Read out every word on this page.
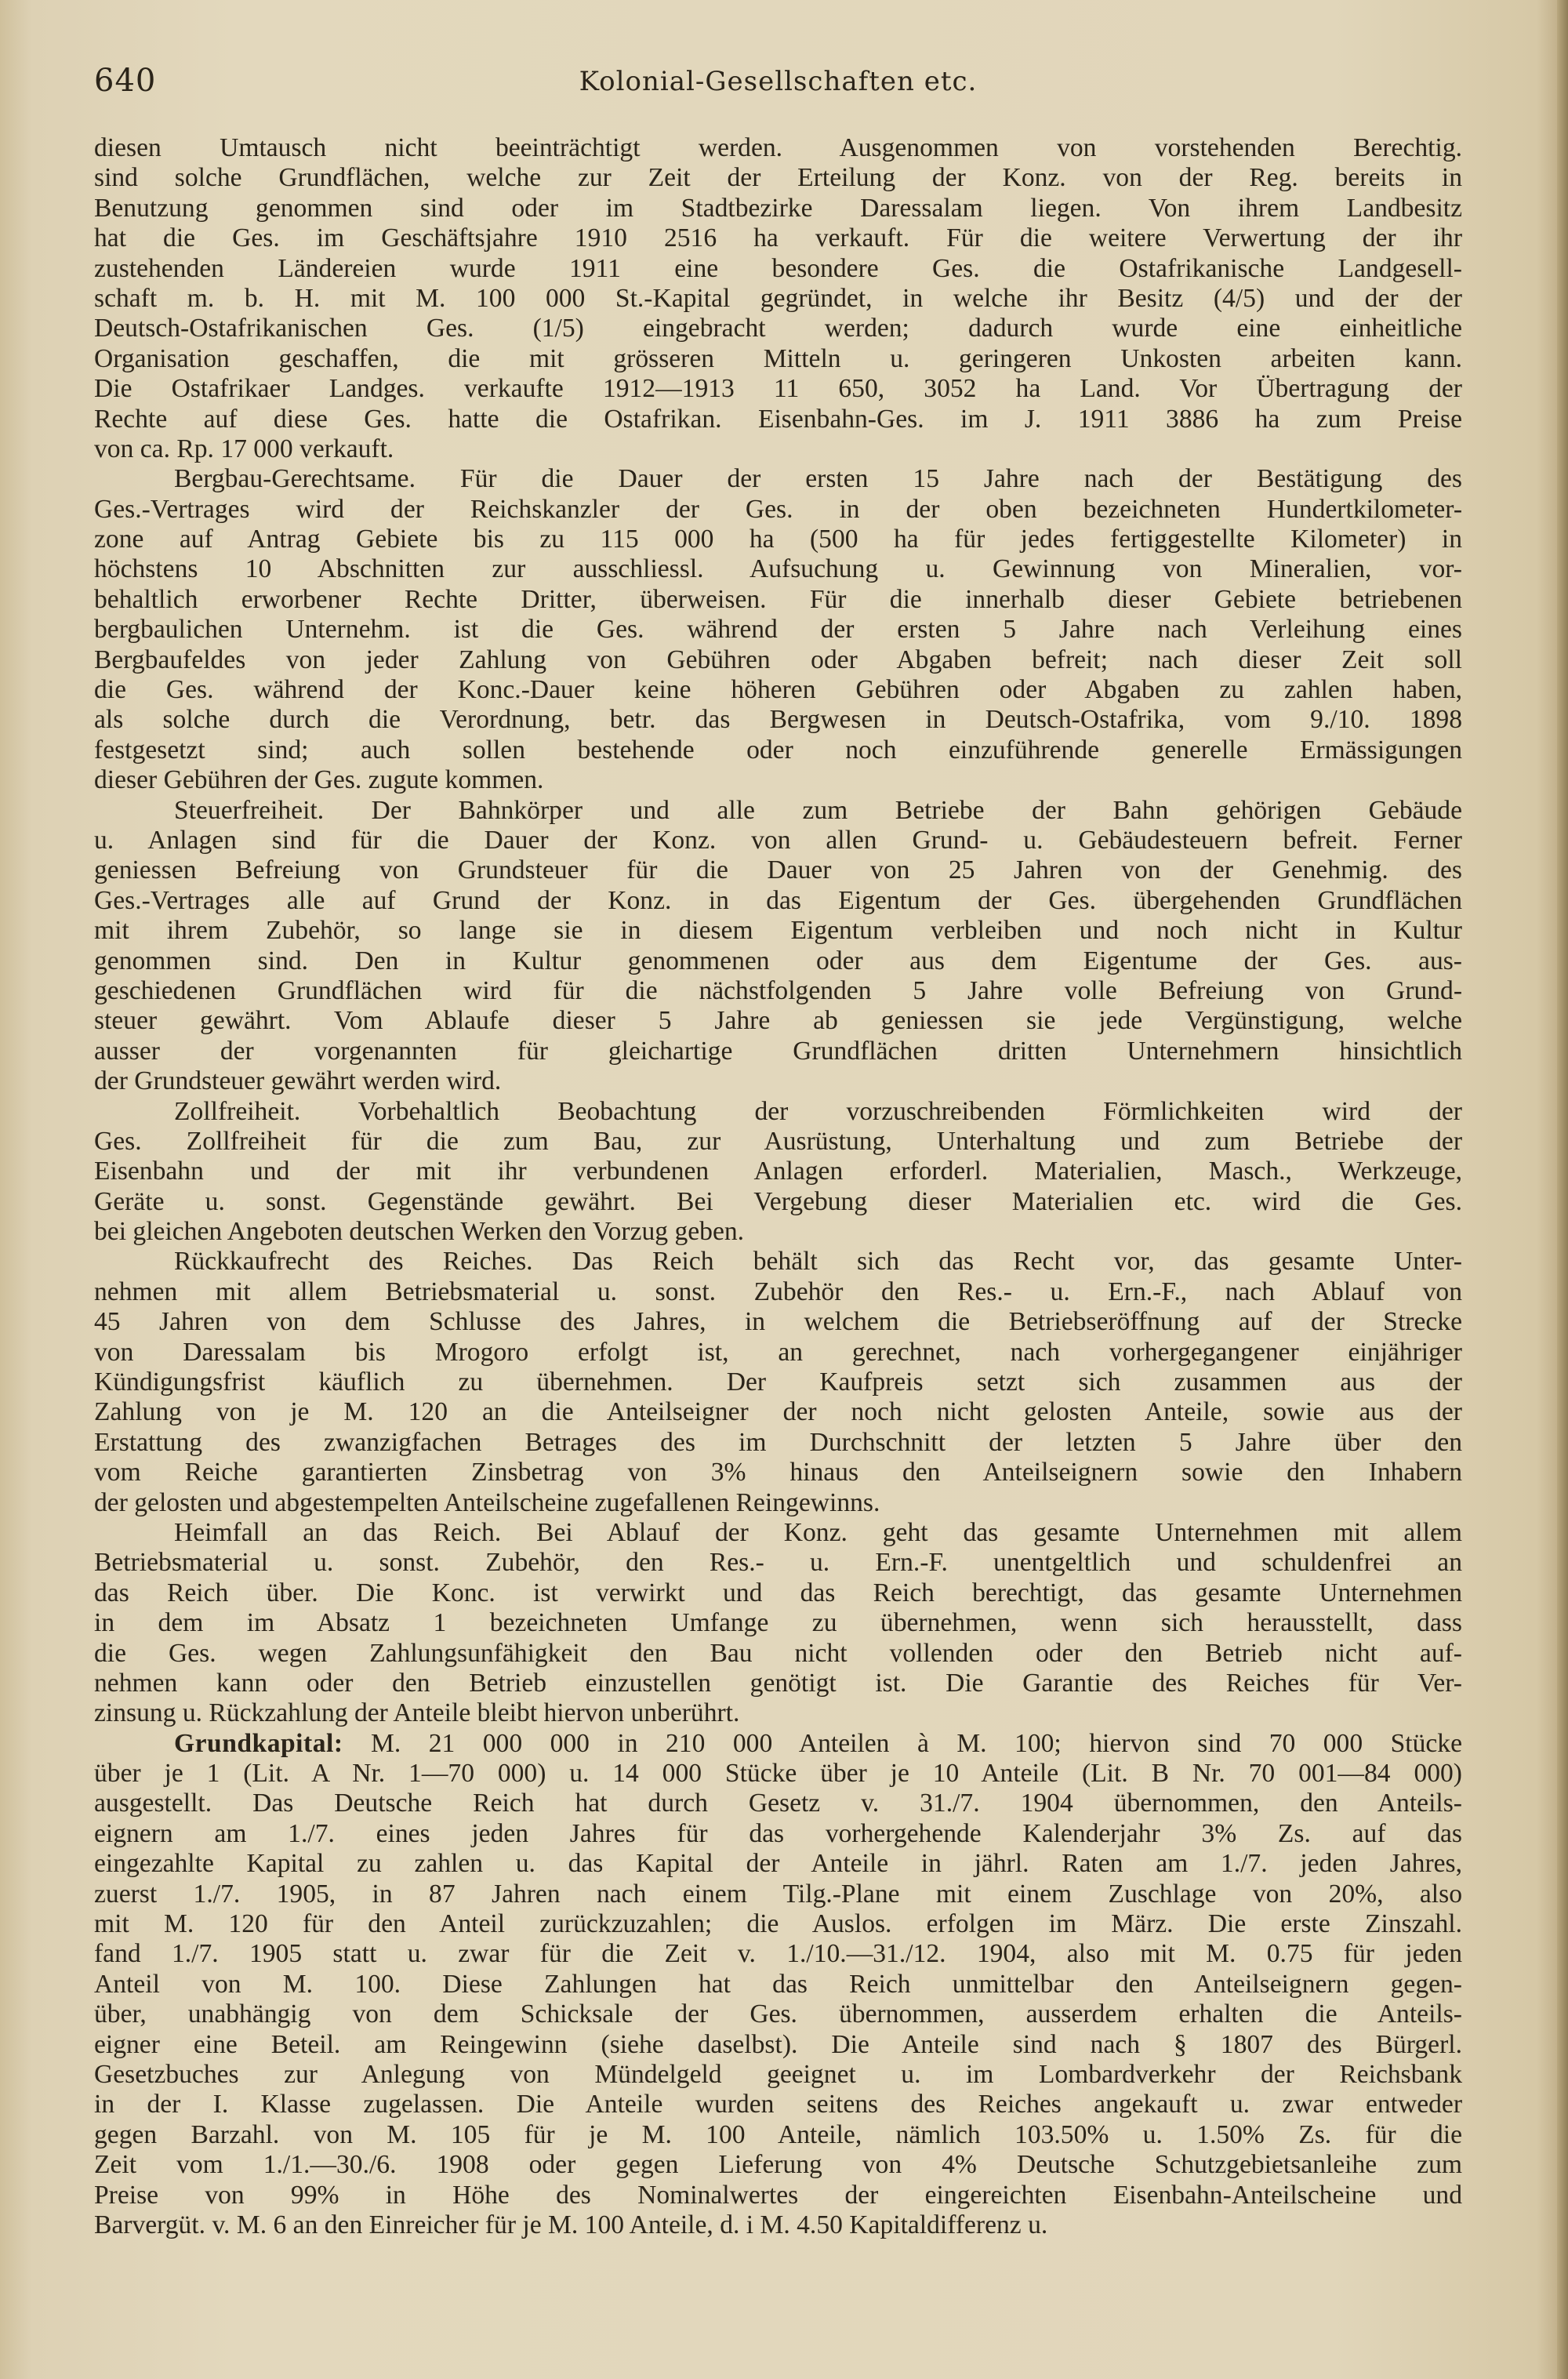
640	Kolonial-Gesellschaften etc.
diesen Umtausch nicht beeinträchtigt werden. Ausgenommen von vorstehenden Berechtig.
sind solche Grundflächen, welche zur Zeit der Erteilung der Konz. von der Reg. bereits in
Benutzung genommen sind oder im Stadtbezirke Daressalam liegen. Von ihrem Landbesitz
hat die Ges. im Geschäftsjahre 1910 2516 ha verkauft. Für die weitere Verwertung der ihr
zustehenden Ländereien wurde 1911 eine besondere Ges. die Ostafrikanische Landgesell-
schaft m. b. H. mit M. 100 000 St.-Kapital gegründet, in welche ihr Besitz (4/5) und der der
Deutsch-Ostafrikanischen Ges. (1/5) eingebracht werden; dadurch wurde eine einheitliche
Organisation geschaffen, die mit grösseren Mitteln u. geringeren Unkosten arbeiten kann.
Die Ostafrikaer Landges. verkaufte 1912—1913 11 650, 3052 ha Land. Vor Übertragung der
Rechte auf diese Ges. hatte die Ostafrikan. Eisenbahn-Ges. im J. 1911 3886 ha zum Preise
von ca. Rp. 17 000 verkauft.
Bergbau-Gerechtsame. Für die Dauer der ersten 15 Jahre nach der Bestätigung des
Ges.-Vertrages wird der Reichskanzler der Ges. in der oben bezeichneten Hundertkilometer-
zone auf Antrag Gebiete bis zu 115 000 ha (500 ha für jedes fertiggestellte Kilometer) in
höchstens 10 Abschnitten zur ausschliessl. Aufsuchung u. Gewinnung von Mineralien, vor-
behaltlich erworbener Rechte Dritter, überweisen. Für die innerhalb dieser Gebiete betriebenen
bergbaulichen Unternehm. ist die Ges. während der ersten 5 Jahre nach Verleihung eines
Bergbaufeldes von jeder Zahlung von Gebühren oder Abgaben befreit; nach dieser Zeit soll
die Ges. während der Konc.-Dauer keine höheren Gebühren oder Abgaben zu zahlen haben,
als solche durch die Verordnung, betr. das Bergwesen in Deutsch-Ostafrika, vom 9./10. 1898
festgesetzt sind; auch sollen bestehende oder noch einzuführende generelle Ermässigungen
dieser Gebühren der Ges. zugute kommen.
Steuerfreiheit. Der Bahnkörper und alle zum Betriebe der Bahn gehörigen Gebäude
u. Anlagen sind für die Dauer der Konz. von allen Grund- u. Gebäudesteuern befreit. Ferner
geniessen Befreiung von Grundsteuer für die Dauer von 25 Jahren von der Genehmig. des
Ges.-Vertrages alle auf Grund der Konz. in das Eigentum der Ges. übergehenden Grundflächen
mit ihrem Zubehör, so lange sie in diesem Eigentum verbleiben und noch nicht in Kultur
genommen sind. Den in Kultur genommenen oder aus dem Eigentume der Ges. aus-
geschiedenen Grundflächen wird für die nächstfolgenden 5 Jahre volle Befreiung von Grund-
steuer gewährt. Vom Ablaufe dieser 5 Jahre ab geniessen sie jede Vergünstigung, welche
ausser der vorgenannten für gleichartige Grundflächen dritten Unternehmern hinsichtlich
der Grundsteuer gewährt werden wird.
Zollfreiheit. Vorbehaltlich Beobachtung der vorzuschreibenden Förmlichkeiten wird der
Ges. Zollfreiheit für die zum Bau, zur Ausrüstung, Unterhaltung und zum Betriebe der
Eisenbahn und der mit ihr verbundenen Anlagen erforderl. Materialien, Masch., Werkzeuge,
Geräte u. sonst. Gegenstände gewährt. Bei Vergebung dieser Materialien etc. wird die Ges.
bei gleichen Angeboten deutschen Werken den Vorzug geben.
Rückkaufrecht des Reiches. Das Reich behält sich das Recht vor, das gesamte Unter-
nehmen mit allem Betriebsmaterial u. sonst. Zubehör den Res.- u. Ern.-F., nach Ablauf von
45 Jahren von dem Schlusse des Jahres, in welchem die Betriebseröffnung auf der Strecke
von Daressalam bis Mrogoro erfolgt ist, an gerechnet, nach vorhergegangener einjähriger
Kündigungsfrist käuflich zu übernehmen. Der Kaufpreis setzt sich zusammen aus der
Zahlung von je M. 120 an die Anteilseigner der noch nicht gelosten Anteile, sowie aus der
Erstattung des zwanzigfachen Betrages des im Durchschnitt der letzten 5 Jahre über den
vom Reiche garantierten Zinsbetrag von 3% hinaus den Anteilseignern sowie den Inhabern
der gelosten und abgestempelten Anteilscheine zugefallenen Reingewinns.
Heimfall an das Reich. Bei Ablauf der Konz. geht das gesamte Unternehmen mit allem
Betriebsmaterial u. sonst. Zubehör, den Res.- u. Ern.-F. unentgeltlich und schuldenfrei an
das Reich über. Die Konc. ist verwirkt und das Reich berechtigt, das gesamte Unternehmen
in dem im Absatz 1 bezeichneten Umfange zu übernehmen, wenn sich herausstellt, dass
die Ges. wegen Zahlungsunfähigkeit den Bau nicht vollenden oder den Betrieb nicht auf-
nehmen kann oder den Betrieb einzustellen genötigt ist. Die Garantie des Reiches für Ver-
zinsung u. Rückzahlung der Anteile bleibt hiervon unberührt.
Grundkapital: M. 21 000 000 in 210 000 Anteilen à M. 100; hiervon sind 70 000 Stücke
über je 1 (Lit. A Nr. 1—70 000) u. 14 000 Stücke über je 10 Anteile (Lit. B Nr. 70 001—84 000)
ausgestellt. Das Deutsche Reich hat durch Gesetz v. 31./7. 1904 übernommen, den Anteils-
eignern am 1./7. eines jeden Jahres für das vorhergehende Kalenderjahr 3% Zs. auf das
eingezahlte Kapital zu zahlen u. das Kapital der Anteile in jährl. Raten am 1./7. jeden Jahres,
zuerst 1./7. 1905, in 87 Jahren nach einem Tilg.-Plane mit einem Zuschlage von 20%, also
mit M. 120 für den Anteil zurückzuzahlen; die Auslos. erfolgen im März. Die erste Zinszahl.
fand 1./7. 1905 statt u. zwar für die Zeit v. 1./10.—31./12. 1904, also mit M. 0.75 für jeden
Anteil von M. 100. Diese Zahlungen hat das Reich unmittelbar den Anteilseignern gegen-
über, unabhängig von dem Schicksale der Ges. übernommen, ausserdem erhalten die Anteils-
eigner eine Beteil. am Reingewinn (siehe daselbst). Die Anteile sind nach § 1807 des Bürgerl.
Gesetzbuches zur Anlegung von Mündelgeld geeignet u. im Lombardverkehr der Reichsbank
in der I. Klasse zugelassen. Die Anteile wurden seitens des Reiches angekauft u. zwar entweder
gegen Barzahl. von M. 105 für je M. 100 Anteile, nämlich 103.50% u. 1.50% Zs. für die
Zeit vom 1./1.—30./6. 1908 oder gegen Lieferung von 4% Deutsche Schutzgebietsanleihe zum
Preise von 99% in Höhe des Nominalwertes der eingereichten Eisenbahn-Anteilscheine und
Barvergüt. v. M. 6 an den Einreicher für je M. 100 Anteile, d. i M. 4.50 Kapitaldifferenz u.
